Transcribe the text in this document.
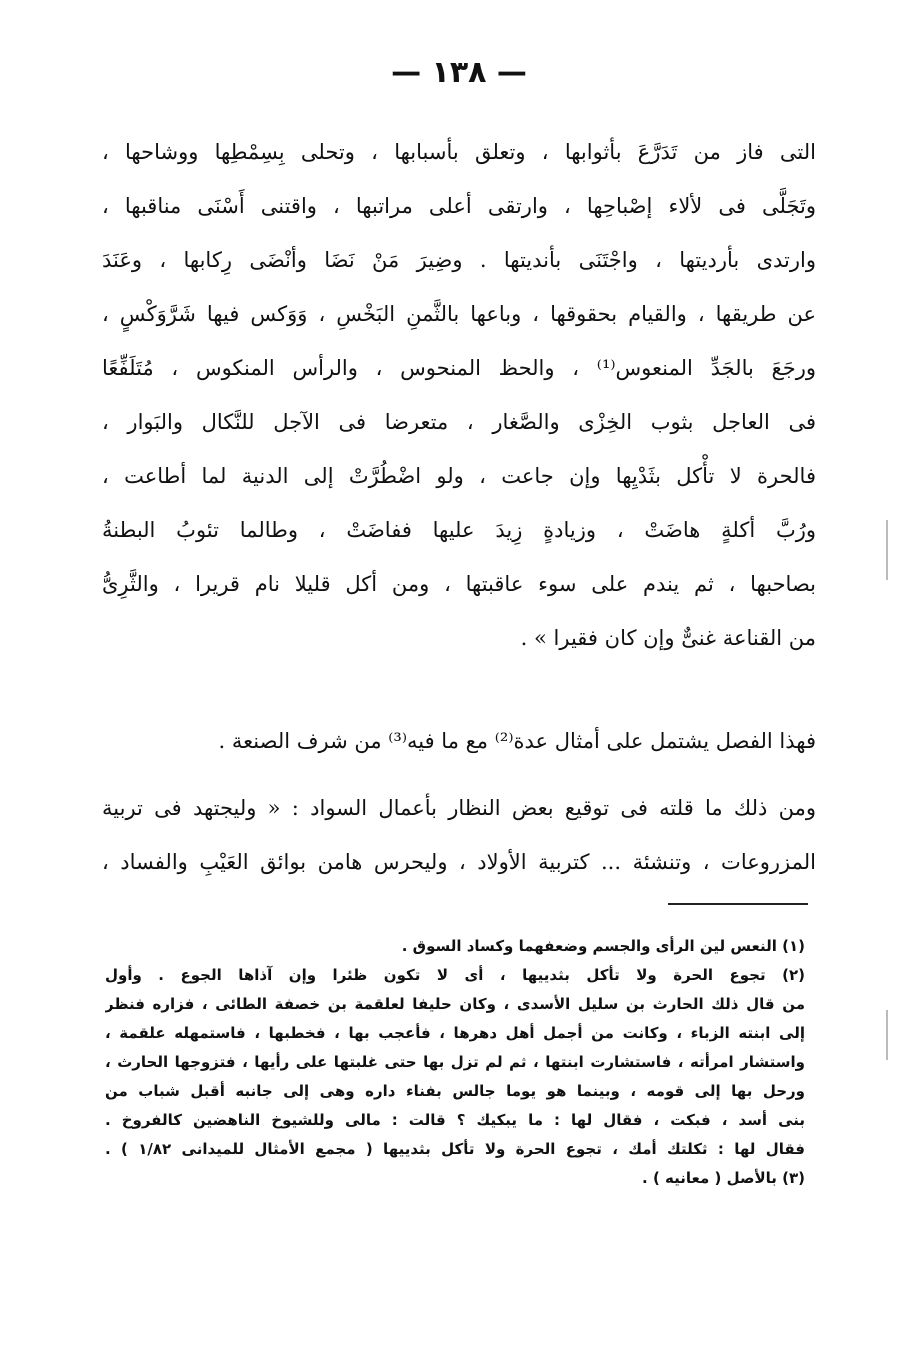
— ١٣٨ —
التى فاز من تَدَرَّعَ بأثوابها ، وتعلق بأسبابها ، وتحلى بِسِمْطِها ووشاحها ،
وتَجَلَّى فى لألاء إصْباحِها ، وارتقى أعلى مراتبها ، واقتنى أَسْنَى مناقبها ،
وارتدى بأرديتها ، واجْتَنَى بأنديتها . وضِيرَ مَنْ نَضَا وأنْضَى رِكابها ، وعَنَدَ
عن طريقها ، والقيام بحقوقها ، وباعها بالثَّمنِ البَخْسِ ، وَوَكس فيها شَرَّوَكْسٍ ،
ورجَعَ بالجَدِّ المنعوس⁽¹⁾ ، والحظ المنحوس ، والرأس المنكوس ، مُتَلَفِّعًا
فى العاجل بثوب الخِزْى والصَّغار ، متعرضا فى الآجل للنَّكال والبَوار ،
فالحرة لا تأْكل بثَدْيِها وإن جاعت ، ولو اضْطُرَّتْ إلى الدنية لما أطاعت ،
ورُبَّ أكلةٍ هاضَتْ ، وزيادةٍ زِيدَ عليها ففاضَتْ ، وطالما تئوبُ البطنةُ
بصاحبها ، ثم يندم على سوء عاقبتها ، ومن أكل قليلا نام قريرا ، والثَّرِىُّ
من القناعة غنىٌّ وإن كان فقيرا » .
فهذا الفصل يشتمل على أمثال عدة⁽²⁾ مع ما فيه⁽³⁾ من شرف الصنعة .
ومن ذلك ما قلته فى توقيع بعض النظار بأعمال السواد : « وليجتهد فى تربية
المزروعات ، وتنشئة ... كتربية الأولاد ، وليحرس هامن بوائق العَيْبِ والفساد ،
(١) النعس لين الرأى والجسم وضعفهما وكساد السوق .
(٢) تجوع الحرة ولا تأكل بثدييها ، أى لا تكون ظئرا وإن آذاها الجوع . وأول
من قال ذلك الحارث بن سليل الأسدى ، وكان حليفا لعلقمة بن خصفة الطائى ، فزاره فنظر
إلى ابنته الزباء ، وكانت من أجمل أهل دهرها ، فأعجب بها ، فخطبها ، فاستمهله علقمة ،
واستشار امرأته ، فاستشارت ابنتها ، ثم لم تزل بها حتى غلبتها على رأيها ، فتزوجها الحارث ،
ورحل بها إلى قومه ، وبينما هو يوما جالس بفناء داره وهى إلى جانبه أقبل شباب من
بنى أسد ، فبكت ، فقال لها : ما يبكيك ؟ قالت : مالى وللشيوخ الناهضين كالفروخ .
فقال لها : ثكلتك أمك ، تجوع الحرة ولا تأكل بثدييها ( مجمع الأمثال للميدانى ١/٨٢ ) .
(٣) بالأصل ( معانيه ) .
